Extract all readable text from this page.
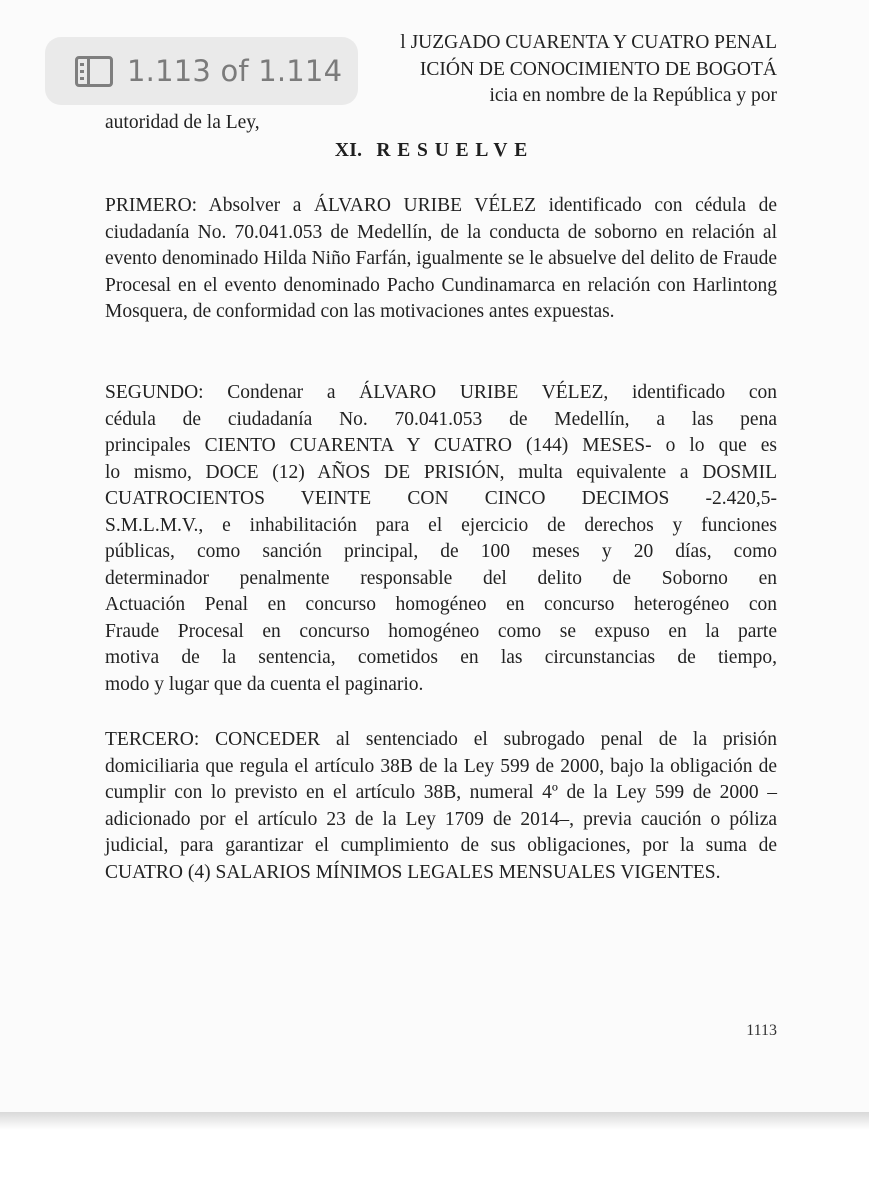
l JUZGADO CUARENTA Y CUATRO PENAL
ICIÓN DE CONOCIMIENTO DE BOGOTÁ
icia en nombre de la República y por
autoridad de la Ley,
XI. RESUELVE
PRIMERO: Absolver a ÁLVARO URIBE VÉLEZ identificado con cédula de ciudadanía No. 70.041.053 de Medellín, de la conducta de soborno en relación al evento denominado Hilda Niño Farfán, igualmente se le absuelve del delito de Fraude Procesal en el evento denominado Pacho Cundinamarca en relación con Harlintong Mosquera, de conformidad con las motivaciones antes expuestas.
SEGUNDO: Condenar a ÁLVARO URIBE VÉLEZ, identificado con
cédula de ciudadanía No. 70.041.053 de Medellín, a las pena
principales CIENTO CUARENTA Y CUATRO (144) MESES- o lo que es
lo mismo, DOCE (12) AÑOS DE PRISIÓN, multa equivalente a DOSMIL
CUATROCIENTOS VEINTE CON CINCO DECIMOS -2.420,5-
S.M.L.M.V., e inhabilitación para el ejercicio de derechos y funciones
públicas, como sanción principal, de 100 meses y 20 días, como
determinador penalmente responsable del delito de Soborno en
Actuación Penal en concurso homogéneo en concurso heterogéneo con
Fraude Procesal en concurso homogéneo como se expuso en la parte
motiva de la sentencia, cometidos en las circunstancias de tiempo,
modo y lugar que da cuenta el paginario.
TERCERO: CONCEDER al sentenciado el subrogado penal de la prisión domiciliaria que regula el artículo 38B de la Ley 599 de 2000, bajo la obligación de cumplir con lo previsto en el artículo 38B, numeral 4º de la Ley 599 de 2000 –adicionado por el artículo 23 de la Ley 1709 de 2014–, previa caución o póliza judicial, para garantizar el cumplimiento de sus obligaciones, por la suma de CUATRO (4) SALARIOS MÍNIMOS LEGALES MENSUALES VIGENTES.
1113
1.113 of 1.114
